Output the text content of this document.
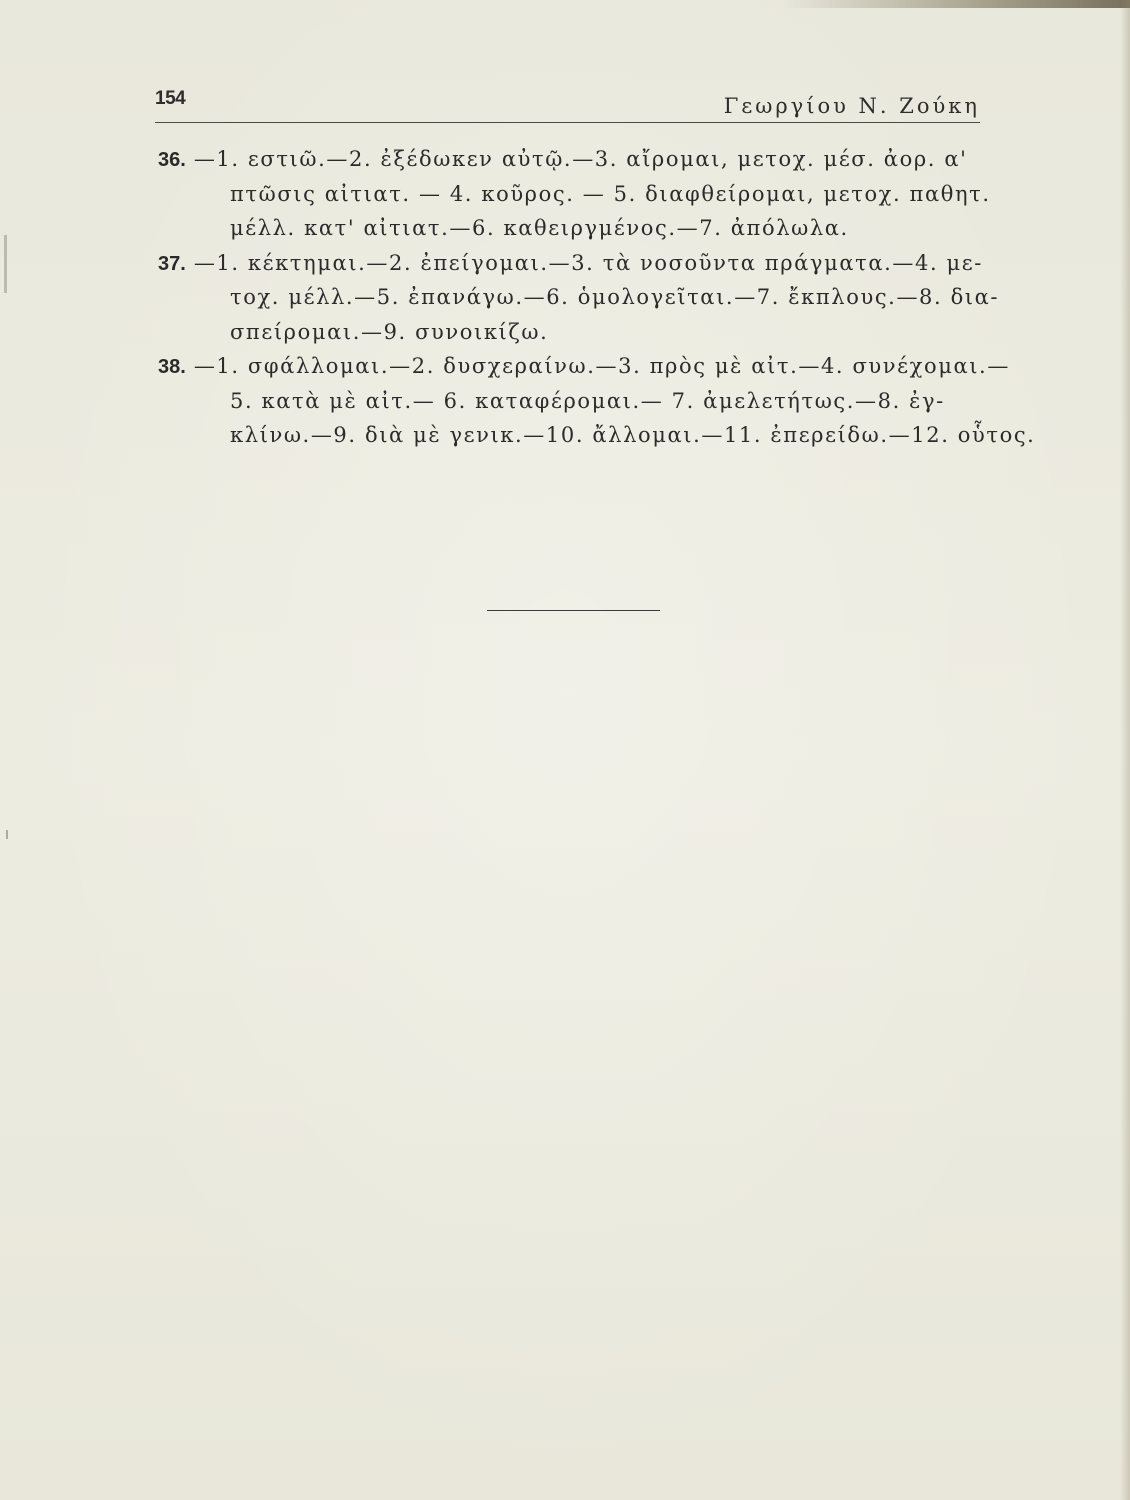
154	Γεωργίου Ν. Ζούκη
36. —1. εστιῶ.—2. ἐξέδωκεν αὐτῷ.—3. αἴρομαι, μετοχ. μέσ. ἀορ. α'
πτῶσις αἰτιατ. — 4. κοῦρος. — 5. διαφθείρομαι, μετοχ. παθητ.
μέλλ. κατ' αἰτιατ.—6. καθειργμένος.—7. ἀπόλωλα.
37. —1. κέκτημαι.—2. ἐπείγομαι.—3. τὰ νοσοῦντα πράγματα.—4. με-
τοχ. μέλλ.—5. ἐπανάγω.—6. ὁμολογεῖται.—7. ἔκπλους.—8. δια-
σπείρομαι.—9. συνοικίζω.
38. —1. σφάλλομαι.—2. δυσχεραίνω.—3. πρὸς μὲ αἰτ.—4. συνέχομαι.—
5. κατὰ μὲ αἰτ.— 6. καταφέρομαι.— 7. ἀμελετήτως.—8. ἐγ-
κλίνω.—9. διὰ μὲ γενικ.—10. ἄλλομαι.—11. ἐπερείδω.—12. οὗτος.
